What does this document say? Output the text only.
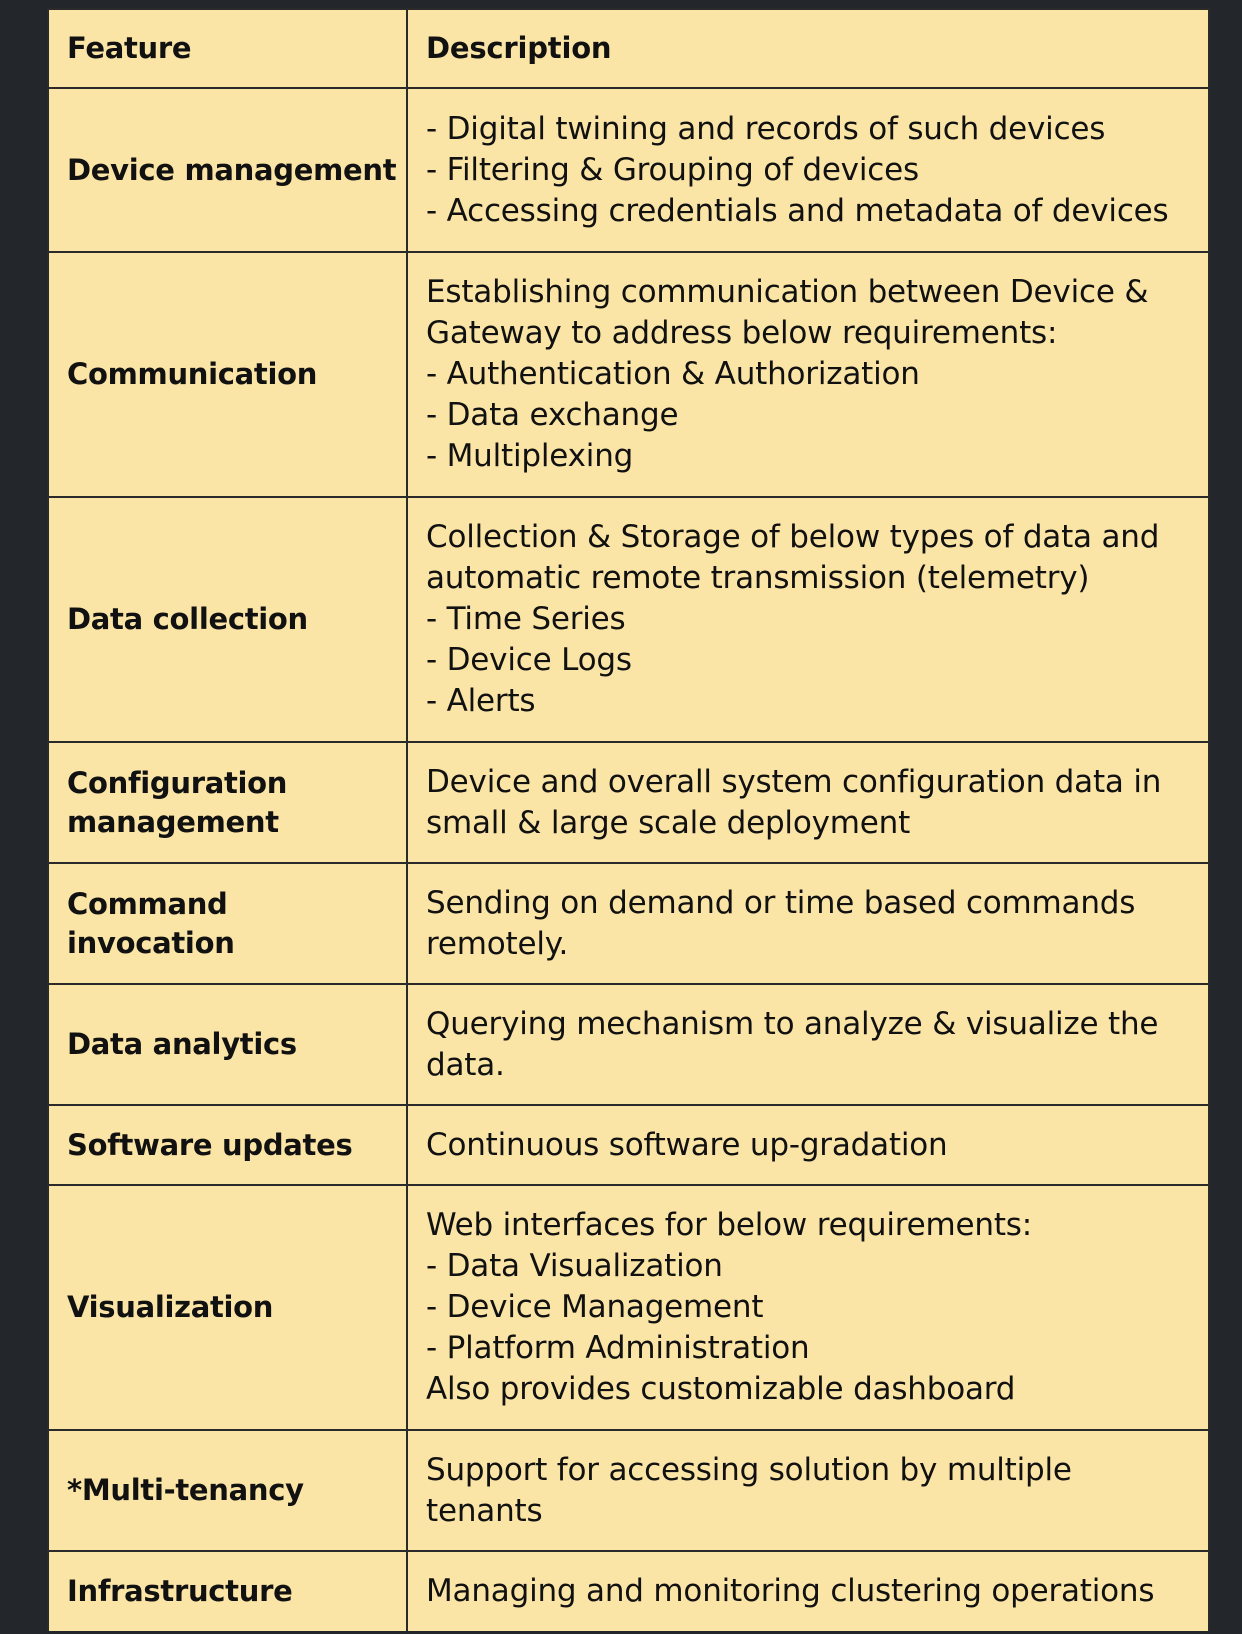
Feature	Description

Device management	- Digital twining and records of such devices
- Filtering & Grouping of devices
- Accessing credentials and metadata of devices

Communication	Establishing communication between Device &
Gateway to address below requirements:
- Authentication & Authorization
- Data exchange
- Multiplexing

Data collection	Collection & Storage of below types of data and
automatic remote transmission (telemetry)
- Time Series
- Device Logs
- Alerts

Configuration
management	Device and overall system configuration data in
small & large scale deployment

Command
invocation	Sending on demand or time based commands
remotely.

Data analytics	Querying mechanism to analyze & visualize the
data.

Software updates	Continuous software up-gradation

Visualization	Web interfaces for below requirements:
- Data Visualization
- Device Management
- Platform Administration
Also provides customizable dashboard

*Multi-tenancy	Support for accessing solution by multiple
tenants

Infrastructure	Managing and monitoring clustering operations
